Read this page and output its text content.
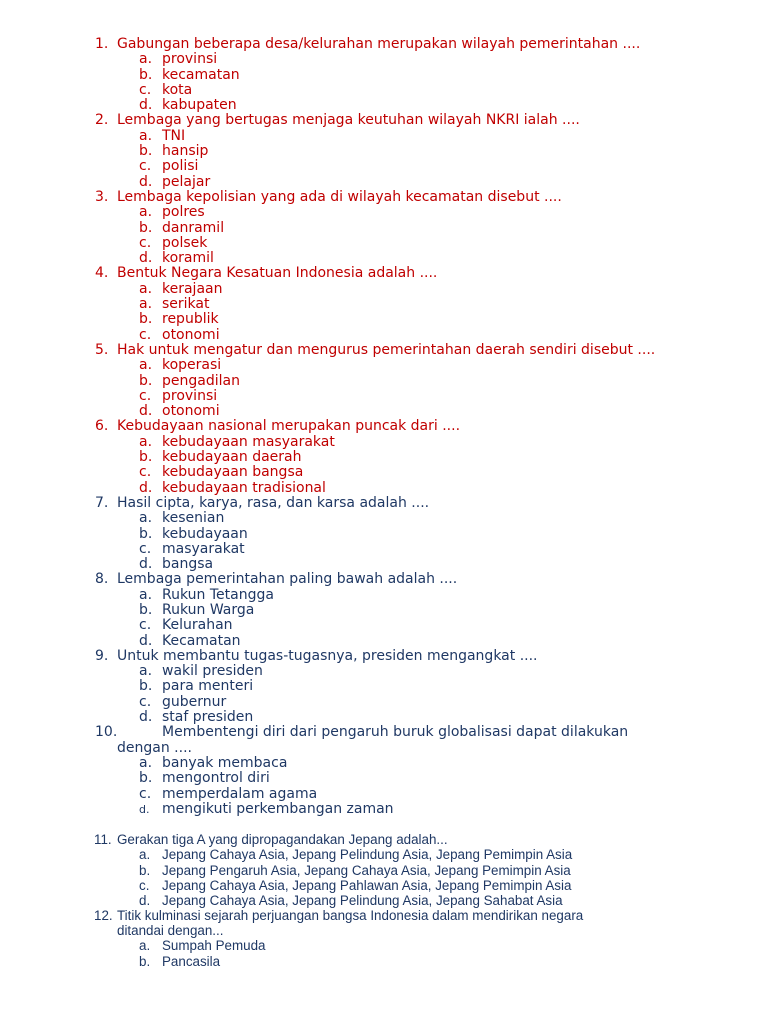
1. Gabungan beberapa desa/kelurahan merupakan wilayah pemerintahan ....
a. provinsi
b. kecamatan
c. kota
d. kabupaten
2. Lembaga yang bertugas menjaga keutuhan wilayah NKRI ialah ....
a. TNI
b. hansip
c. polisi
d. pelajar
3. Lembaga kepolisian yang ada di wilayah kecamatan disebut ....
a. polres
b. danramil
c. polsek
d. koramil
4. Bentuk Negara Kesatuan Indonesia adalah ....
a. kerajaan
a. serikat
b. republik
c. otonomi
5. Hak untuk mengatur dan mengurus pemerintahan daerah sendiri disebut ....
a. koperasi
b. pengadilan
c. provinsi
d. otonomi
6. Kebudayaan nasional merupakan puncak dari ....
a. kebudayaan masyarakat
b. kebudayaan daerah
c. kebudayaan bangsa
d. kebudayaan tradisional
7. Hasil cipta, karya, rasa, dan karsa adalah ....
a. kesenian
b. kebudayaan
c. masyarakat
d. bangsa
8. Lembaga pemerintahan paling bawah adalah ....
a. Rukun Tetangga
b. Rukun Warga
c. Kelurahan
d. Kecamatan
9. Untuk membantu tugas-tugasnya, presiden mengangkat ....
a. wakil presiden
b. para menteri
c. gubernur
d. staf presiden
10.	Membentengi diri dari pengaruh buruk globalisasi dapat dilakukan
dengan ....
a. banyak membaca
b. mengontrol diri
c. memperdalam agama
d. mengikuti perkembangan zaman
11. Gerakan tiga A yang dipropagandakan Jepang adalah...
a. Jepang Cahaya Asia, Jepang Pelindung Asia, Jepang Pemimpin Asia
b. Jepang Pengaruh Asia, Jepang Cahaya Asia, Jepang Pemimpin Asia
c. Jepang Cahaya Asia, Jepang Pahlawan Asia, Jepang Pemimpin Asia
d. Jepang Cahaya Asia, Jepang Pelindung Asia, Jepang Sahabat Asia
12. Titik kulminasi sejarah perjuangan bangsa Indonesia dalam mendirikan negara
ditandai dengan...
a. Sumpah Pemuda
b. Pancasila
